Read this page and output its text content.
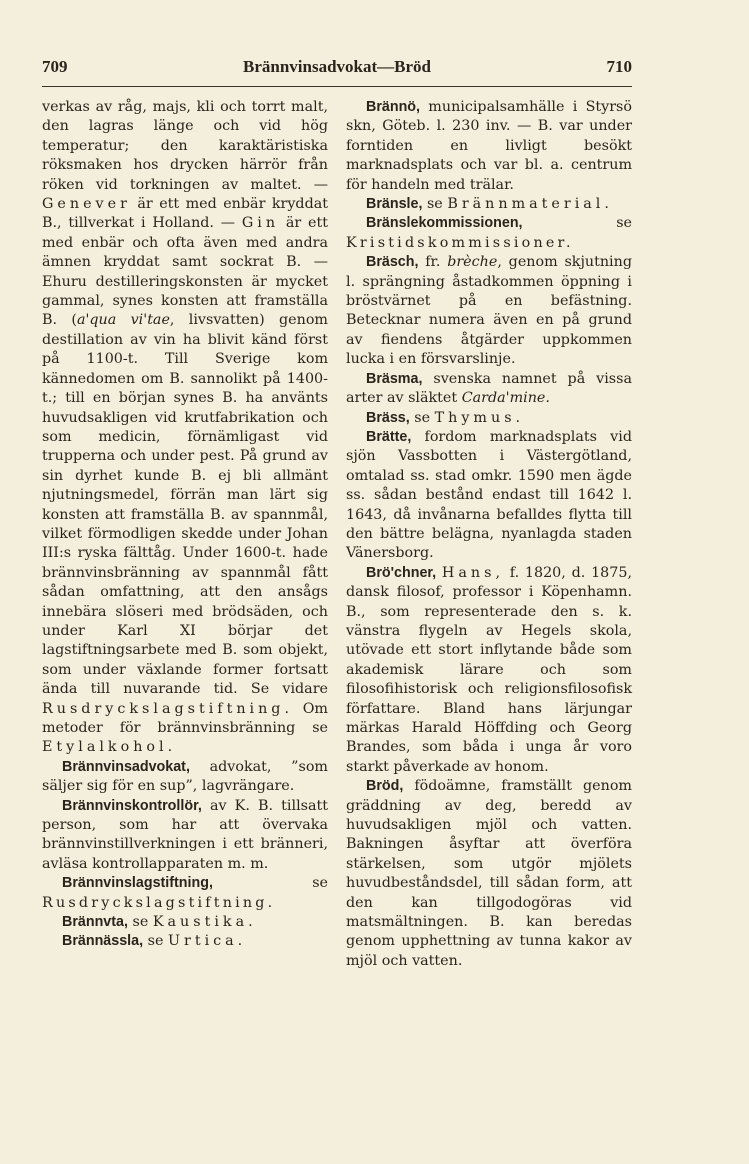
709	Brännvinsadvokat—Bröd	710

verkas av råg, majs, kli och torrt malt, den lagras länge och vid hög temperatur; den karaktäristiska röksmaken hos drycken härrör från röken vid torkningen av maltet. — Genever är ett med enbär kryddat B., tillverkat i Holland. — Gin är ett med enbär och ofta även med andra ämnen kryddat samt sockrat B. — Ehuru destilleringskonsten är mycket gammal, synes konsten att framställa B. (a'qua vi'tae, livsvatten) genom destillation av vin ha blivit känd först på 1100-t. Till Sverige kom kännedomen om B. sannolikt på 1400-t.; till en början synes B. ha använts huvudsakligen vid krutfabrikation och som medicin, förnämligast vid trupperna och under pest. På grund av sin dyrhet kunde B. ej bli allmänt njutningsmedel, förrän man lärt sig konsten att framställa B. av spannmål, vilket förmodligen skedde under Johan III:s ryska fälttåg. Under 1600-t. hade brännvinsbränning av spannmål fått sådan omfattning, att den ansågs innebära slöseri med brödsäden, och under Karl XI börjar det lagstiftningsarbete med B. som objekt, som under växlande former fortsatt ända till nuvarande tid. Se vidare Rusdryckslagstiftning. Om metoder för brännvinsbränning se Etylalkohol.

Brännvinsadvokat, advokat, ”som säljer sig för en sup”, lagvrängare.

Brännvinskontrollör, av K. B. tillsatt person, som har att övervaka brännvinstillverkningen i ett bränneri, avläsa kontrollapparaten m. m.

Brännvinslagstiftning, se Rusdryckslagstiftning.

Brännvta, se Kaustika.

Brännässla, se Urtica.

Brännö, municipalsamhälle i Styrsö skn, Göteb. l. 230 inv. — B. var under forntiden en livligt besökt marknadsplats och var bl. a. centrum för handeln med trälar.

Bränsle, se Brännmaterial.

Bränslekommissionen, se Kristidskommissioner.

Bräsch, fr. brèche, genom skjutning l. sprängning åstadkommen öppning i bröstvärnet på en befästning. Betecknar numera även en på grund av fiendens åtgärder uppkommen lucka i en försvarslinje.

Bräsma, svenska namnet på vissa arter av släktet Carda'mine.

Bräss, se Thymus.

Brätte, fordom marknadsplats vid sjön Vassbotten i Västergötland, omtalad ss. stad omkr. 1590 men ägde ss. sådan bestånd endast till 1642 l. 1643, då invånarna befalldes flytta till den bättre belägna, nyanlagda staden Vänersborg.

Brö'chner, Hans, f. 1820, d. 1875, dansk filosof, professor i Köpenhamn. B., som representerade den s. k. vänstra flygeln av Hegels skola, utövade ett stort inflytande både som akademisk lärare och som filosofihistorisk och religionsfilosofisk författare. Bland hans lärjungar märkas Harald Höffding och Georg Brandes, som båda i unga år voro starkt påverkade av honom.

Bröd, födoämne, framställt genom gräddning av deg, beredd av huvudsakligen mjöl och vatten. Bakningen åsyftar att överföra stärkelsen, som utgör mjölets huvudbeståndsdel, till sådan form, att den kan tillgodogöras vid matsmältningen. B. kan beredas genom upphettning av tunna kakor av mjöl och vatten.
